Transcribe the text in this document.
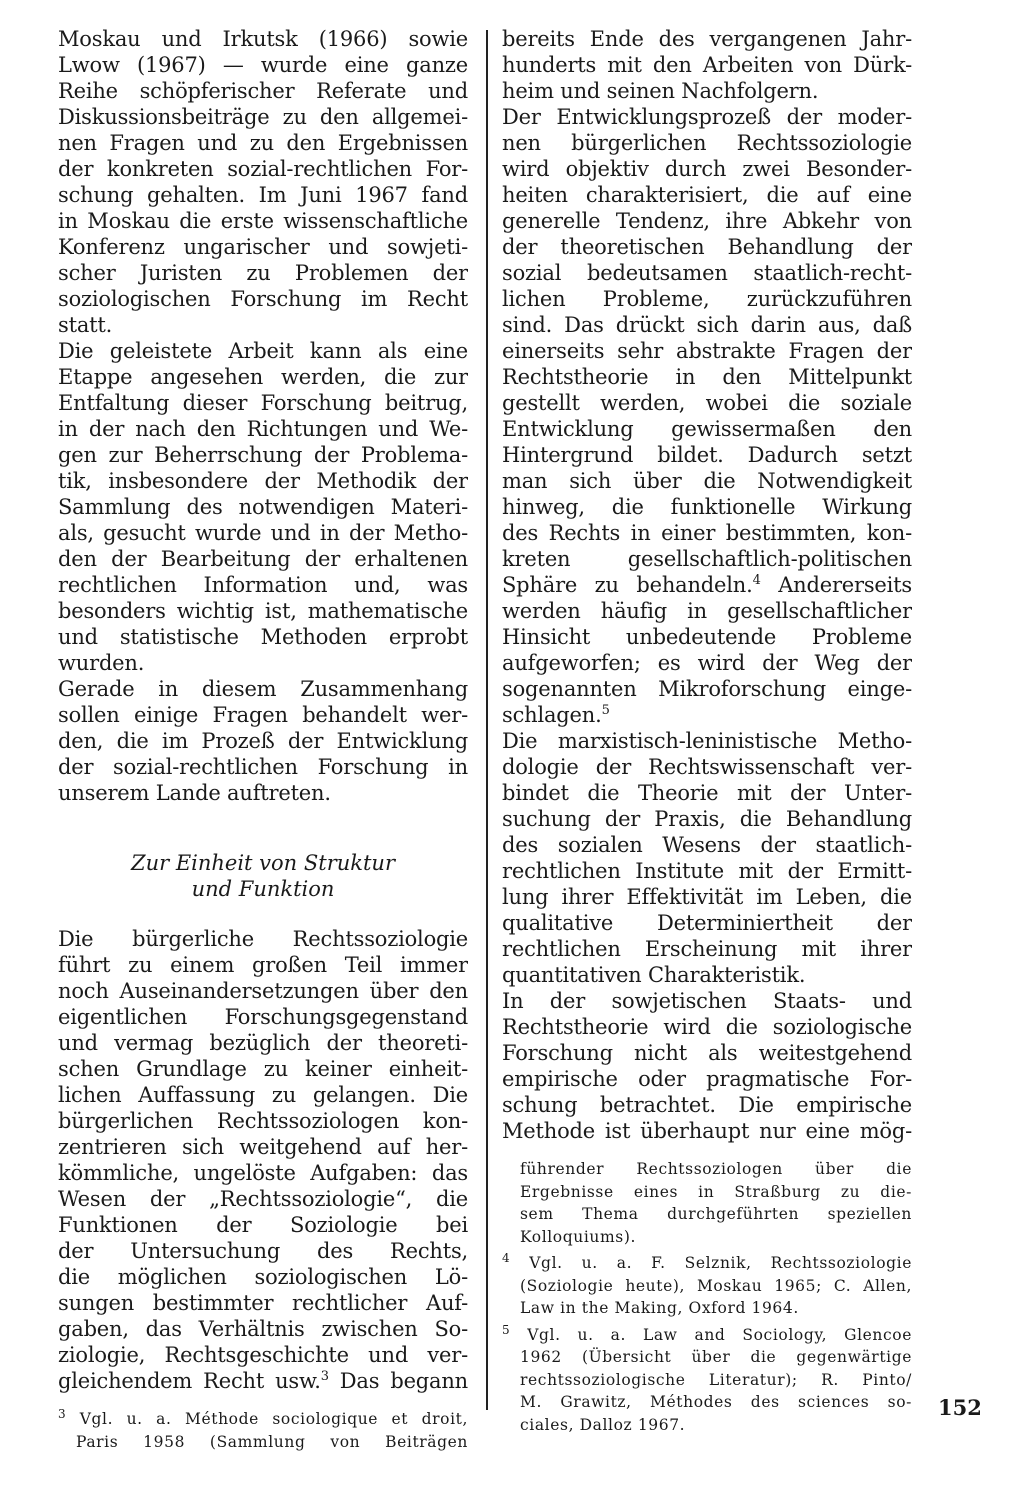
Moskau und Irkutsk (1966) sowie
Lwow (1967) — wurde eine ganze
Reihe schöpferischer Referate und
Diskussionsbeiträge zu den allgemei-
nen Fragen und zu den Ergebnissen
der konkreten sozial-rechtlichen For-
schung gehalten. Im Juni 1967 fand
in Moskau die erste wissenschaftliche
Konferenz ungarischer und sowjeti-
scher Juristen zu Problemen der
soziologischen Forschung im Recht
statt.
Die geleistete Arbeit kann als eine
Etappe angesehen werden, die zur
Entfaltung dieser Forschung beitrug,
in der nach den Richtungen und We-
gen zur Beherrschung der Problema-
tik, insbesondere der Methodik der
Sammlung des notwendigen Materi-
als, gesucht wurde und in der Metho-
den der Bearbeitung der erhaltenen
rechtlichen Information und, was
besonders wichtig ist, mathematische
und statistische Methoden erprobt
wurden.
Gerade in diesem Zusammenhang
sollen einige Fragen behandelt wer-
den, die im Prozeß der Entwicklung
der sozial-rechtlichen Forschung in
unserem Lande auftreten.
Zur Einheit von Struktur
und Funktion
Die bürgerliche Rechtssoziologie
führt zu einem großen Teil immer
noch Auseinandersetzungen über den
eigentlichen Forschungsgegenstand
und vermag bezüglich der theoreti-
schen Grundlage zu keiner einheit-
lichen Auffassung zu gelangen. Die
bürgerlichen Rechtssoziologen kon-
zentrieren sich weitgehend auf her-
kömmliche, ungelöste Aufgaben: das
Wesen der „Rechtssoziologie“, die
Funktionen der Soziologie bei
der Untersuchung des Rechts,
die möglichen soziologischen Lö-
sungen bestimmter rechtlicher Auf-
gaben, das Verhältnis zwischen So-
ziologie, Rechtsgeschichte und ver-
gleichendem Recht usw.$^3$ Das begann
$^3$ Vgl. u. a. Méthode sociologique et droit,
Paris 1958 (Sammlung von Beiträgen
bereits Ende des vergangenen Jahr-
hunderts mit den Arbeiten von Dürk-
heim und seinen Nachfolgern.
Der Entwicklungsprozeß der moder-
nen bürgerlichen Rechtssoziologie
wird objektiv durch zwei Besonder-
heiten charakterisiert, die auf eine
generelle Tendenz, ihre Abkehr von
der theoretischen Behandlung der
sozial bedeutsamen staatlich-recht-
lichen Probleme, zurückzuführen
sind. Das drückt sich darin aus, daß
einerseits sehr abstrakte Fragen der
Rechtstheorie in den Mittelpunkt
gestellt werden, wobei die soziale
Entwicklung gewissermaßen den
Hintergrund bildet. Dadurch setzt
man sich über die Notwendigkeit
hinweg, die funktionelle Wirkung
des Rechts in einer bestimmten, kon-
kreten gesellschaftlich-politischen
Sphäre zu behandeln.$^4$ Andererseits
werden häufig in gesellschaftlicher
Hinsicht unbedeutende Probleme
aufgeworfen; es wird der Weg der
sogenannten Mikroforschung einge-
schlagen.$^5$
Die marxistisch-leninistische Metho-
dologie der Rechtswissenschaft ver-
bindet die Theorie mit der Unter-
suchung der Praxis, die Behandlung
des sozialen Wesens der staatlich-
rechtlichen Institute mit der Ermitt-
lung ihrer Effektivität im Leben, die
qualitative Determiniertheit der
rechtlichen Erscheinung mit ihrer
quantitativen Charakteristik.
In der sowjetischen Staats- und
Rechtstheorie wird die soziologische
Forschung nicht als weitestgehend
empirische oder pragmatische For-
schung betrachtet. Die empirische
Methode ist überhaupt nur eine mög-
führender Rechtssoziologen über die
Ergebnisse eines in Straßburg zu die-
sem Thema durchgeführten speziellen
Kolloquiums).
$^4$ Vgl. u. a. F. Selznik, Rechtssoziologie
(Soziologie heute), Moskau 1965; C. Allen,
Law in the Making, Oxford 1964.
$^5$ Vgl. u. a. Law and Sociology, Glencoe
1962 (Übersicht über die gegenwärtige
rechtssoziologische Literatur); R. Pinto/
M. Grawitz, Méthodes des sciences so-
ciales, Dalloz 1967.
152
